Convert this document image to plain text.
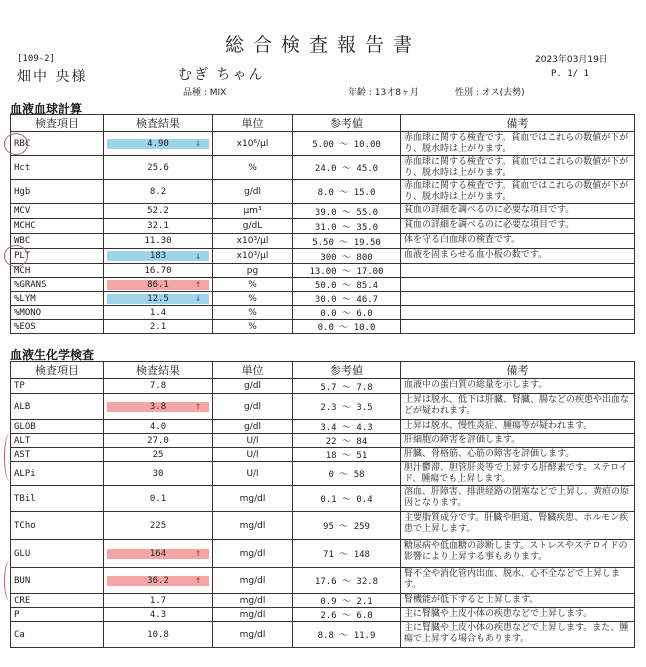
総合検査報告書
[109-2]
畑中 央様	むぎ ちゃん
2023年03月19日
P. 1/ 1
品種 : MIX	年齢 : 13才8ヶ月	性別 : オス(去勢)
血液血球計算
検査項目	検査結果	単位	参考値	備考
RBC	4.90 ↓	x10⁶/μl	5.00 ～ 10.00	赤血球に関する検査です。貧血ではこれらの数値が下がり、脱水時は上がります。
Hct	25.6	%	24.0 ～ 45.0	赤血球に関する検査です。貧血ではこれらの数値が下がり、脱水時は上がります。
Hgb	8.2	g/dl	8.0 ～ 15.0	赤血球に関する検査です。貧血ではこれらの数値が下がり、脱水時は上がります。
MCV	52.2	μm³	39.0 ～ 55.0	貧血の詳細を調べるのに必要な項目です。
MCHC	32.1	g/dL	31.0 ～ 35.0	貧血の詳細を調べるのに必要な項目です。
WBC	11.30	x10³/μl	5.50 ～ 19.50	体を守る白血球の検査です。
PLT	183 ↓	x10³/μl	300 ～ 800	血液を固まらせる血小板の数です。
MCH	16.70	pg	13.00 ～ 17.00	
%GRANS	86.1 ↑	%	50.0 ～ 85.4	
%LYM	12.5 ↓	%	30.0 ～ 46.7	
%MONO	1.4	%	0.0 ～ 6.0	
%EOS	2.1	%	0.0 ～ 10.0	
血液生化学検査
検査項目	検査結果	単位	参考値	備考
TP	7.8	g/dl	5.7 ～ 7.8	血液中の蛋白質の総量を示します。
ALB	3.8 ↑	g/dl	2.3 ～ 3.5	上昇は脱水、低下は肝臓、腎臓、腸などの疾患や出血などが疑われます。
GLOB	4.0	g/dl	3.4 ～ 4.3	上昇は脱水、慢性炎症、腫瘍等が疑われます。
ALT	27.0	U/l	22 ～ 84	肝細胞の障害を評価します。
AST	25	U/l	18 ～ 51	肝臓、骨格筋、心筋の障害を評価します。
ALPi	30	U/l	0 ～ 58	胆汁鬱滞、胆管肝炎等で上昇する肝酵素です。ステロイド、腫瘍でも上昇します。
TBil	0.1	mg/dl	0.1 ～ 0.4	溶血、肝障害、排泄経路の閉塞などで上昇し、黄疸の原因となります。
TCho	225	mg/dl	95 ～ 259	主要脂質成分です。肝臓や胆道、腎臓疾患、ホルモン疾患で上昇します。
GLU	164 ↑	mg/dl	71 ～ 148	糖尿病や低血糖の診断します。ストレスやステロイドの影響により上昇する事もあります。
BUN	36.2 ↑	mg/dl	17.6 ～ 32.8	腎不全や消化管内出血、脱水、心不全などで上昇します。
CRE	1.7	mg/dl	0.9 ～ 2.1	腎機能が低下すると上昇します。
P	4.3	mg/dl	2.6 ～ 6.0	主に腎臓や上皮小体の疾患などで上昇します。
Ca	10.8	mg/dl	8.8 ～ 11.9	主に腎臓や上皮小体の疾患などで上昇します。また、腫瘍で上昇する場合もあります。
